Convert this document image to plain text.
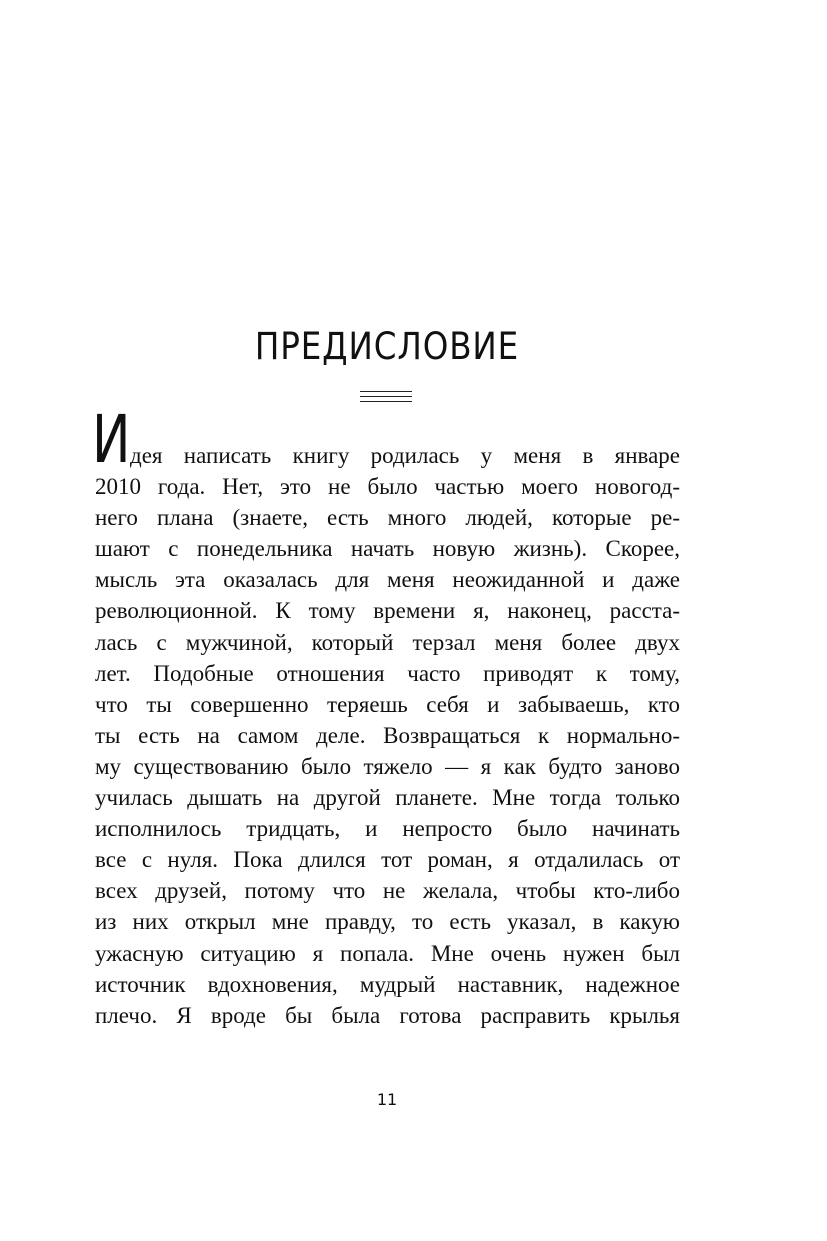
ПРЕДИСЛОВИЕ
И дея написать книгу родилась у меня в январе
2010 года. Нет, это не было частью моего новогод-
него плана (знаете, есть много людей, которые ре-
шают с понедельника начать новую жизнь). Скорее,
мысль эта оказалась для меня неожиданной и даже
революционной. К тому времени я, наконец, расста-
лась с мужчиной, который терзал меня более двух
лет. Подобные отношения часто приводят к тому,
что ты совершенно теряешь себя и забываешь, кто
ты есть на самом деле. Возвращаться к нормально-
му существованию было тяжело — я как будто заново
училась дышать на другой планете. Мне тогда только
исполнилось тридцать, и непросто было начинать
все с нуля. Пока длился тот роман, я отдалилась от
всех друзей, потому что не желала, чтобы кто-либо
из них открыл мне правду, то есть указал, в какую
ужасную ситуацию я попала. Мне очень нужен был
источник вдохновения, мудрый наставник, надежное
плечо. Я вроде бы была готова расправить крылья
11
